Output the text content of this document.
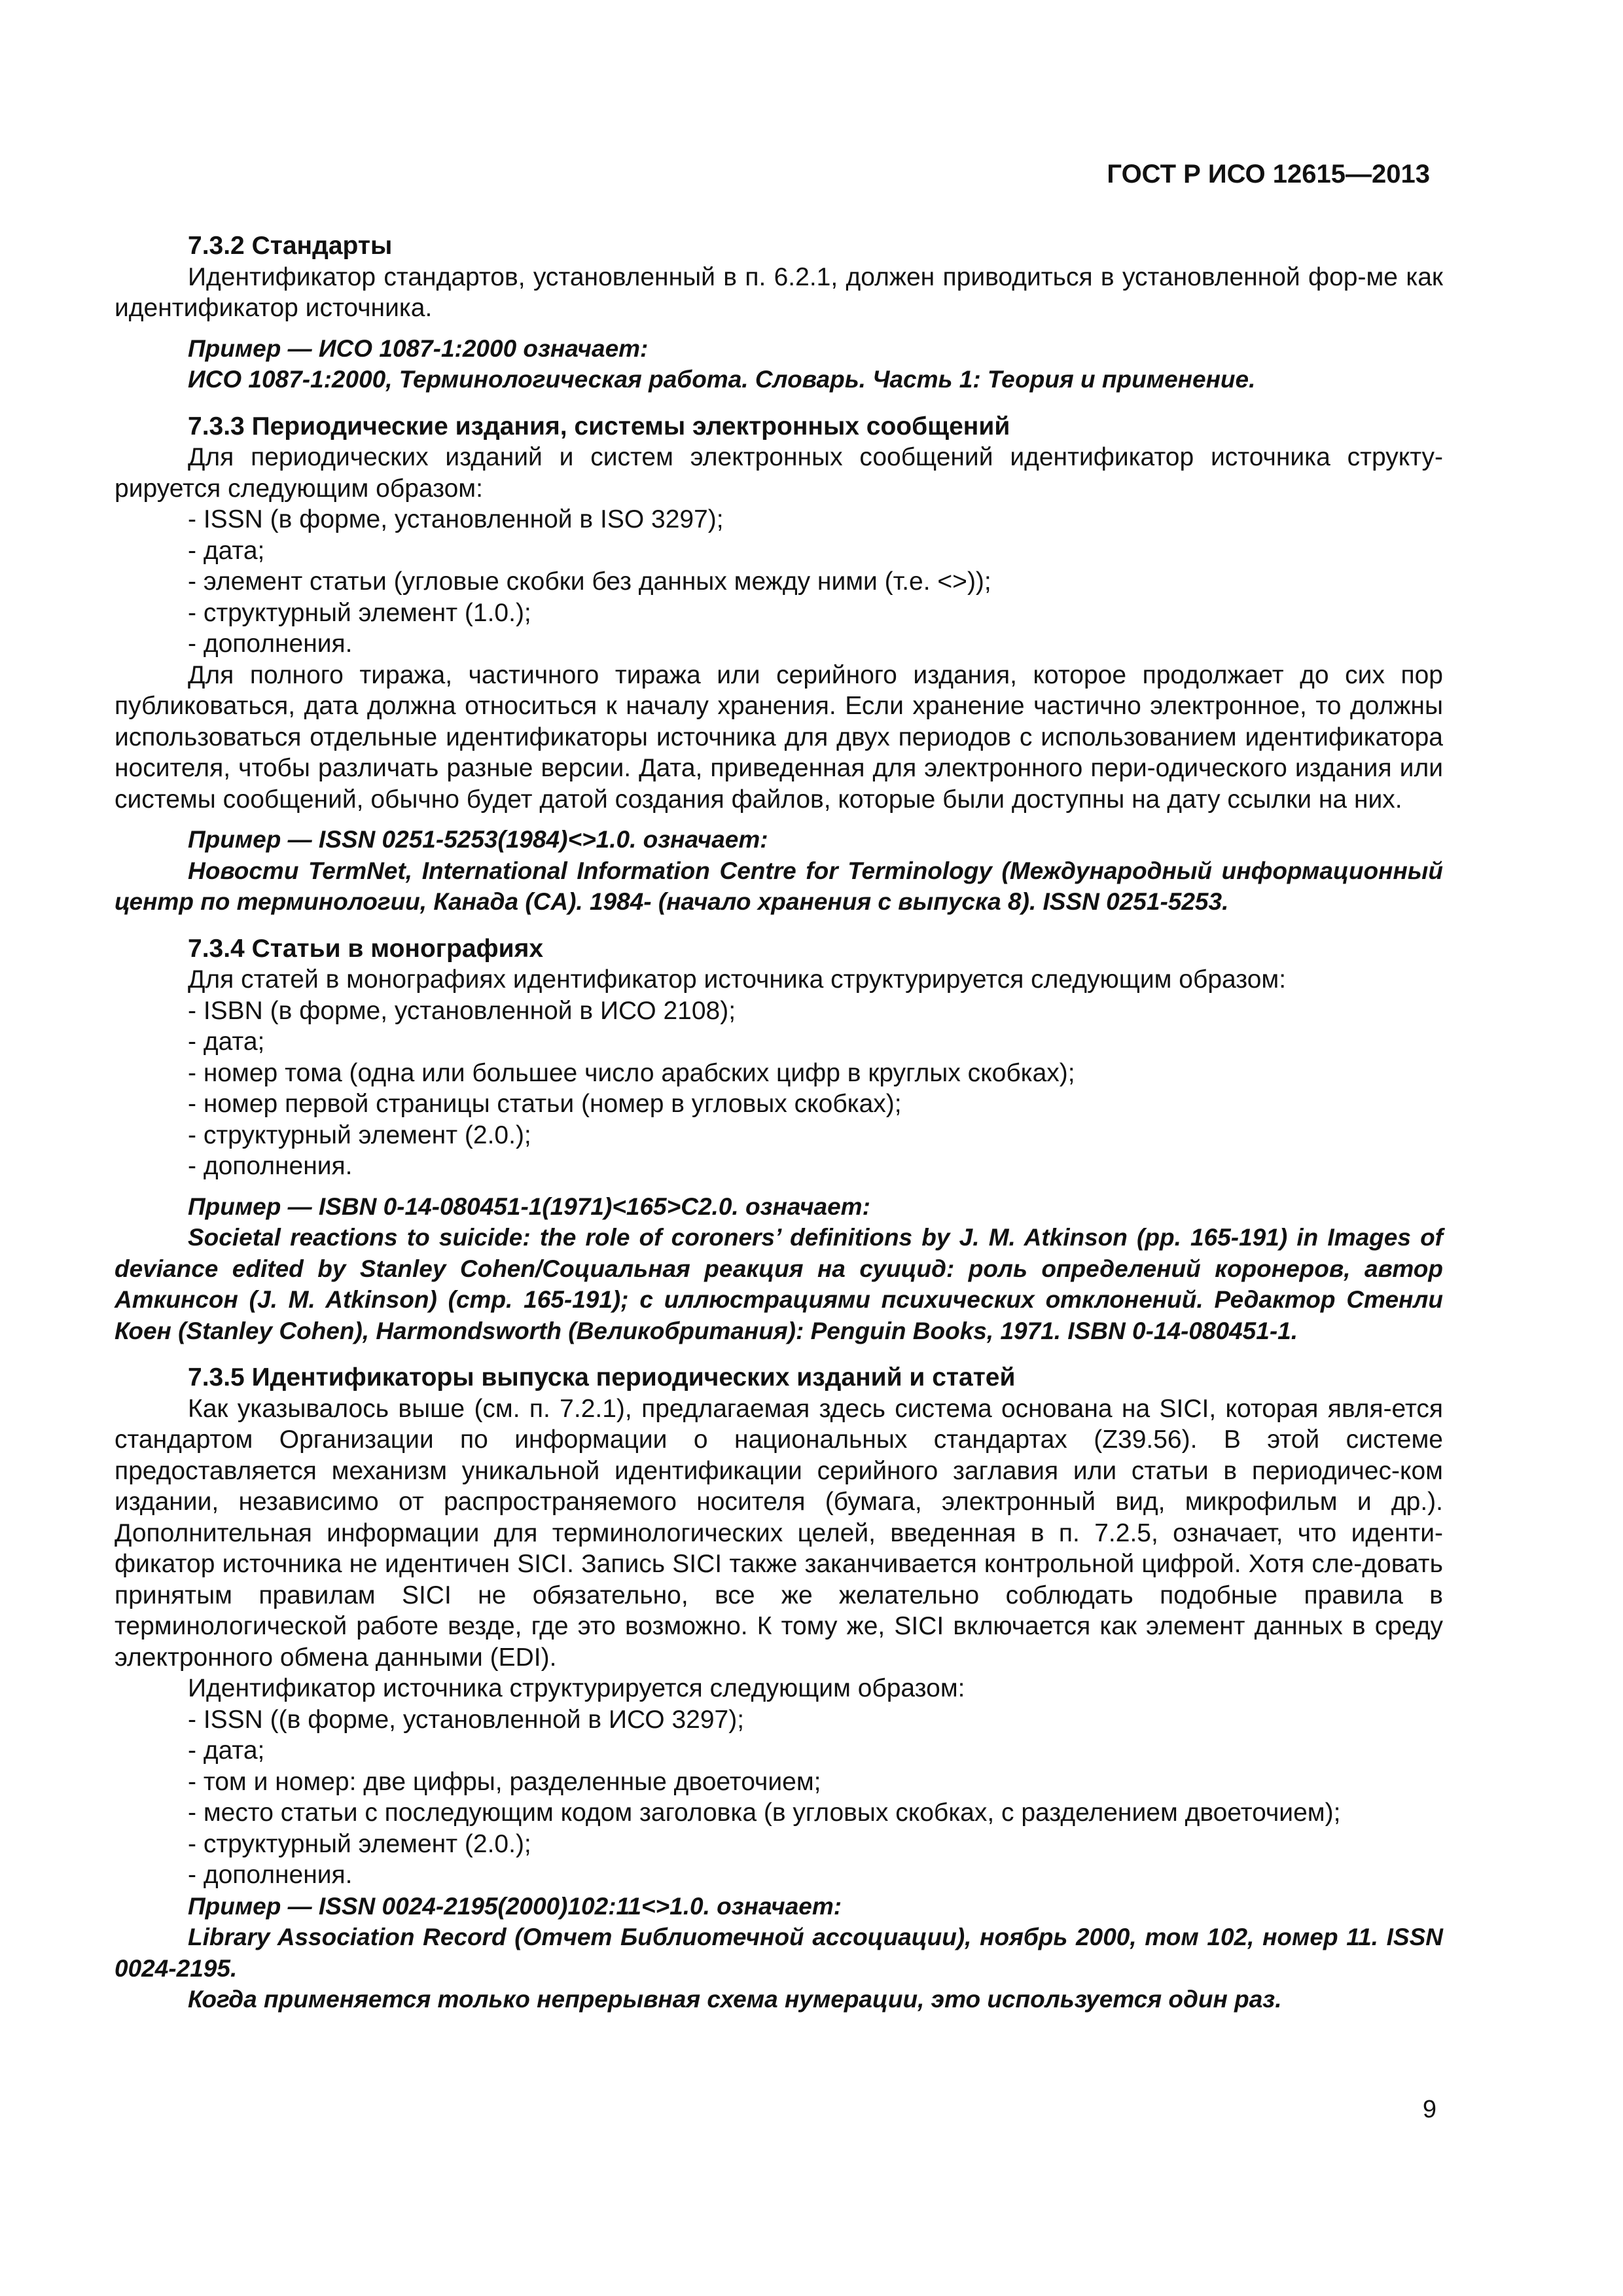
ГОСТ Р ИСО 12615—2013
7.3.2 Стандарты
Идентификатор стандартов, установленный в п. 6.2.1, должен приводиться в установленной фор-ме как идентификатор источника.
Пример — ИСО 1087-1:2000 означает:
ИСО 1087-1:2000, Терминологическая работа. Словарь. Часть 1: Теория и применение.
7.3.3 Периодические издания, системы электронных сообщений
Для периодических изданий и систем электронных сообщений идентификатор источника структу-рируется следующим образом:
- ISSN (в форме, установленной в ISO 3297);
- дата;
- элемент статьи (угловые скобки без данных между ними (т.е. <>));
- структурный элемент (1.0.);
- дополнения.
Для полного тиража, частичного тиража или серийного издания, которое продолжает до сих пор публиковаться, дата должна относиться к началу хранения. Если хранение частично электронное, то должны использоваться отдельные идентификаторы источника для двух периодов с использованием идентификатора носителя, чтобы различать разные версии. Дата, приведенная для электронного пери-одического издания или системы сообщений, обычно будет датой создания файлов, которые были доступны на дату ссылки на них.
Пример — ISSN 0251-5253(1984)<>1.0. означает:
Новости TermNet, International Information Centre for Terminology (Международный информационный центр по терминологии, Канада (CA). 1984- (начало хранения с выпуска 8). ISSN 0251-5253.
7.3.4 Статьи в монографиях
Для статей в монографиях идентификатор источника структурируется следующим образом:
- ISBN (в форме, установленной в ИСО 2108);
- дата;
- номер тома (одна или большее число арабских цифр в круглых скобках);
- номер первой страницы статьи (номер в угловых скобках);
- структурный элемент (2.0.);
- дополнения.
Пример — ISBN 0-14-080451-1(1971)<165>C2.0. означает:
Societal reactions to suicide: the role of coroners’ definitions by J. M. Atkinson (pp. 165-191) in Images of deviance edited by Stanley Cohen/Социальная реакция на суицид: роль определений коронеров, автор Аткинсон (J. M. Atkinson) (стр. 165-191); с иллюстрациями психических отклонений. Редактор Стенли Коен (Stanley Cohen), Harmondsworth (Великобритания): Penguin Books, 1971. ISBN 0-14-080451-1.
7.3.5 Идентификаторы выпуска периодических изданий и статей
Как указывалось выше (см. п. 7.2.1), предлагаемая здесь система основана на SICI, которая явля-ется стандартом Организации по информации о национальных стандартах (Z39.56). В этой системе предоставляется механизм уникальной идентификации серийного заглавия или статьи в периодичес-ком издании, независимо от распространяемого носителя (бумага, электронный вид, микрофильм и др.). Дополнительная информации для терминологических целей, введенная в п. 7.2.5, означает, что иденти-фикатор источника не идентичен SICI. Запись SICI также заканчивается контрольной цифрой. Хотя сле-довать принятым правилам SICI не обязательно, все же желательно соблюдать подобные правила в терминологической работе везде, где это возможно. К тому же, SICI включается как элемент данных в среду электронного обмена данными (EDI).
Идентификатор источника структурируется следующим образом:
- ISSN ((в форме, установленной в ИСО 3297);
- дата;
- том и номер: две цифры, разделенные двоеточием;
- место статьи с последующим кодом заголовка (в угловых скобках, с разделением двоеточием);
- структурный элемент (2.0.);
- дополнения.
Пример — ISSN 0024-2195(2000)102:11<>1.0. означает:
Library Association Record (Отчет Библиотечной ассоциации), ноябрь 2000, том 102, номер 11. ISSN 0024-2195.
Когда применяется только непрерывная схема нумерации, это используется один раз.
9
